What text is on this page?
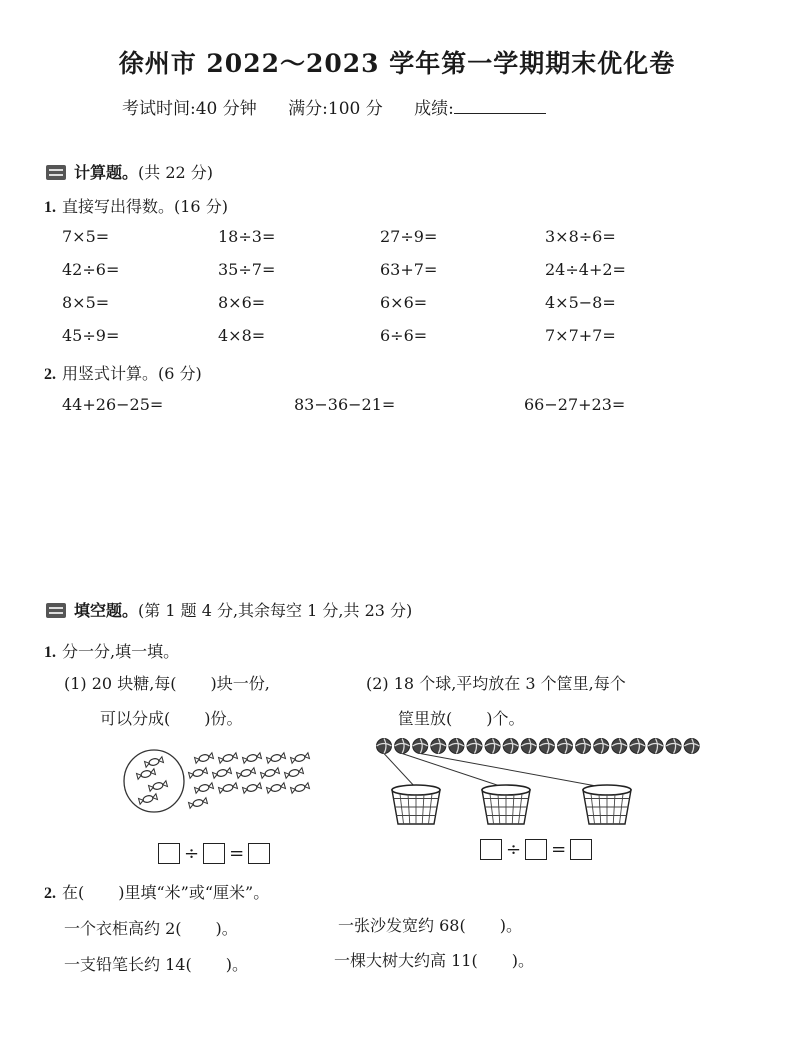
徐州市 2022～2023 学年第一学期期末优化卷
考试时间:40 分钟 满分:100 分 成绩:
计算题。(共 22 分)
1. 直接写出得数。(16 分)
7×5=	18÷3=	27÷9=	3×8÷6=
42÷6=	35÷7=	63+7=	24÷4+2=
8×5=	8×6=	6×6=	4×5−8=
45÷9=	4×8=	6÷6=	7×7+7=
2. 用竖式计算。(6 分)
44+26−25=	83−36−21=	66−27+23=
填空题。(第 1 题 4 分,其余每空 1 分,共 23 分)
1. 分一分,填一填。
(1) 20 块糖,每( )块一份,
可以分成( )份。
(2) 18 个球,平均放在 3 个筐里,每个
筐里放( )个。
÷ =	÷ =
2. 在( )里填“米”或“厘米”。
一个衣柜高约 2( )。	一张沙发宽约 68( )。
一支铅笔长约 14( )。	一棵大树大约高 11( )。
